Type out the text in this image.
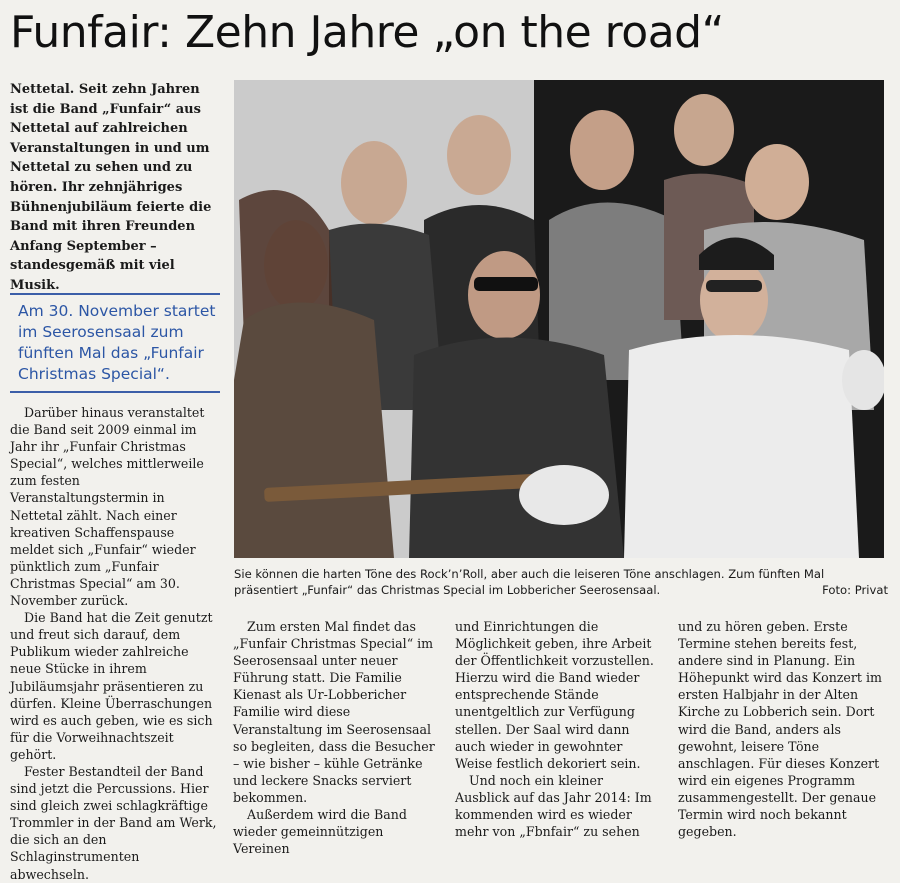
Funfair: Zehn Jahre „on the road“

Nettetal. Seit zehn Jahren ist die Band „Funfair“ aus Nettetal auf zahlreichen Veranstaltungen in und um Nettetal zu sehen und zu hören. Ihr zehnjähriges Bühnenjubiläum feierte die Band mit ihren Freunden Anfang September – standesgemäß mit viel Musik.

Am 30. November startet im Seerosensaal zum fünften Mal das „Funfair Christmas Special“.

Darüber hinaus veranstaltet die Band seit 2009 einmal im Jahr ihr „Funfair Christmas Special“, welches mittlerweile zum festen Veranstaltungstermin in Nettetal zählt. Nach einer kreativen Schaffenspause meldet sich „Funfair“ wieder pünktlich zum „Funfair Christmas Special“ am 30. November zurück.

Die Band hat die Zeit genutzt und freut sich darauf, dem Publikum wieder zahlreiche neue Stücke in ihrem Jubiläumsjahr präsentieren zu dürfen. Kleine Überraschungen wird es auch geben, wie es sich für die Vorweihnachtszeit gehört.

Fester Bestandteil der Band sind jetzt die Percussions. Hier sind gleich zwei schlagkräftige Trommler in der Band am Werk, die sich an den Schlaginstrumenten abwechseln.

Sie können die harten Töne des Rock’n’Roll, aber auch die leiseren Töne anschlagen. Zum fünften Mal präsentiert „Funfair“ das Christmas Special im Lobbericher Seerosensaal.	Foto: Privat

Zum ersten Mal findet das „Funfair Christmas Special“ im Seerosensaal unter neuer Führung statt. Die Familie Kienast als Ur-Lobbericher Familie wird diese Veranstaltung im Seerosensaal so begleiten, dass die Besucher – wie bisher – kühle Getränke und leckere Snacks serviert bekommen.

Außerdem wird die Band wieder gemeinnützigen Vereinen

und Einrichtungen die Möglichkeit geben, ihre Arbeit der Öffentlichkeit vorzustellen. Hierzu wird die Band wieder entsprechende Stände unentgeltlich zur Verfügung stellen. Der Saal wird dann auch wieder in gewohnter Weise festlich dekoriert sein.

Und noch ein kleiner Ausblick auf das Jahr 2014: Im kommenden wird es wieder mehr von „Fbnfair“ zu sehen

und zu hören geben. Erste Termine stehen bereits fest, andere sind in Planung. Ein Höhepunkt wird das Konzert im ersten Halbjahr in der Alten Kirche zu Lobberich sein. Dort wird die Band, anders als gewohnt, leisere Töne anschlagen. Für dieses Konzert wird ein eigenes Programm zusammengestellt. Der genaue Termin wird noch bekannt gegeben.
